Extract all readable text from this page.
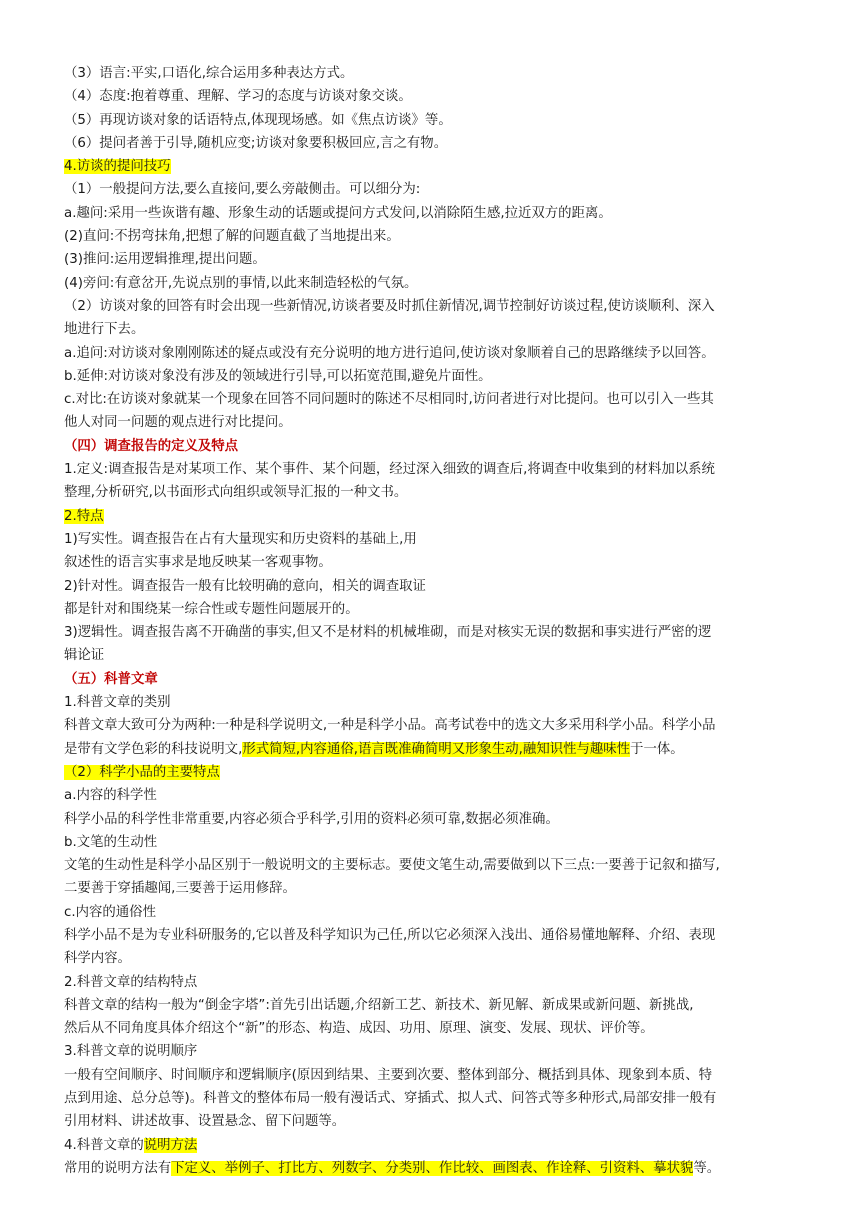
（3）语言:平实,口语化,综合运用多种表达方式。
（4）态度:抱着尊重、理解、学习的态度与访谈对象交谈。
（5）再现访谈对象的话语特点,体现现场感。如《焦点访谈》等。
（6）提问者善于引导,随机应变;访谈对象要积极回应,言之有物。
4.访谈的提问技巧
（1）一般提问方法,要么直接问,要么旁敲侧击。可以细分为:
a.趣问:采用一些诙谐有趣、形象生动的话题或提问方式发问,以消除陌生感,拉近双方的距离。
(2)直问:不拐弯抹角,把想了解的问题直截了当地提出来。
(3)推问:运用逻辑推理,提出问题。
(4)旁问:有意岔开,先说点别的事情,以此来制造轻松的气氛。
（2）访谈对象的回答有时会出现一些新情况,访谈者要及时抓住新情况,调节控制好访谈过程,使访谈顺利、深入
地进行下去。
a.追问:对访谈对象刚刚陈述的疑点或没有充分说明的地方进行追问,使访谈对象顺着自己的思路继续予以回答。
b.延伸:对访谈对象没有涉及的领域进行引导,可以拓宽范围,避免片面性。
c.对比:在访谈对象就某一个现象在回答不同问题时的陈述不尽相同时,访问者进行对比提问。也可以引入一些其
他人对同一问题的观点进行对比提问。
（四）调查报告的定义及特点
1.定义:调查报告是对某项工作、某个事件、某个问题，经过深入细致的调查后,将调查中收集到的材料加以系统
整理,分析研究,以书面形式向组织或领导汇报的一种文书。
2.特点
1)写实性。调查报告在占有大量现实和历史资料的基础上,用
叙述性的语言实事求是地反映某一客观事物。
2)针对性。调查报告一般有比较明确的意向，相关的调查取证
都是针对和围绕某一综合性或专题性问题展开的。
3)逻辑性。调查报告离不开确凿的事实,但又不是材料的机械堆砌，而是对核实无误的数据和事实进行严密的逻
辑论证
（五）科普文章
1.科普文章的类别
科普文章大致可分为两种:一种是科学说明文,一种是科学小品。高考试卷中的选文大多采用科学小品。科学小品
是带有文学色彩的科技说明文,形式简短,内容通俗,语言既准确简明又形象生动,融知识性与趣味性于一体。
（2）科学小品的主要特点
a.内容的科学性
科学小品的科学性非常重要,内容必须合乎科学,引用的资料必须可靠,数据必须准确。
b.文笔的生动性
文笔的生动性是科学小品区别于一般说明文的主要标志。要使文笔生动,需要做到以下三点:一要善于记叙和描写,
二要善于穿插趣闻,三要善于运用修辞。
c.内容的通俗性
科学小品不是为专业科研服务的,它以普及科学知识为己任,所以它必须深入浅出、通俗易懂地解释、介绍、表现
科学内容。
2.科普文章的结构特点
科普文章的结构一般为“倒金字塔”:首先引出话题,介绍新工艺、新技术、新见解、新成果或新问题、新挑战,
然后从不同角度具体介绍这个“新”的形态、构造、成因、功用、原理、演变、发展、现状、评价等。
3.科普文章的说明顺序
一般有空间顺序、时间顺序和逻辑顺序(原因到结果、主要到次要、整体到部分、概括到具体、现象到本质、特
点到用途、总分总等)。科普文的整体布局一般有漫话式、穿插式、拟人式、问答式等多种形式,局部安排一般有
引用材料、讲述故事、设置悬念、留下问题等。
4.科普文章的说明方法
常用的说明方法有下定义、举例子、打比方、列数字、分类别、作比较、画图表、作诠释、引资料、摹状貌等。
